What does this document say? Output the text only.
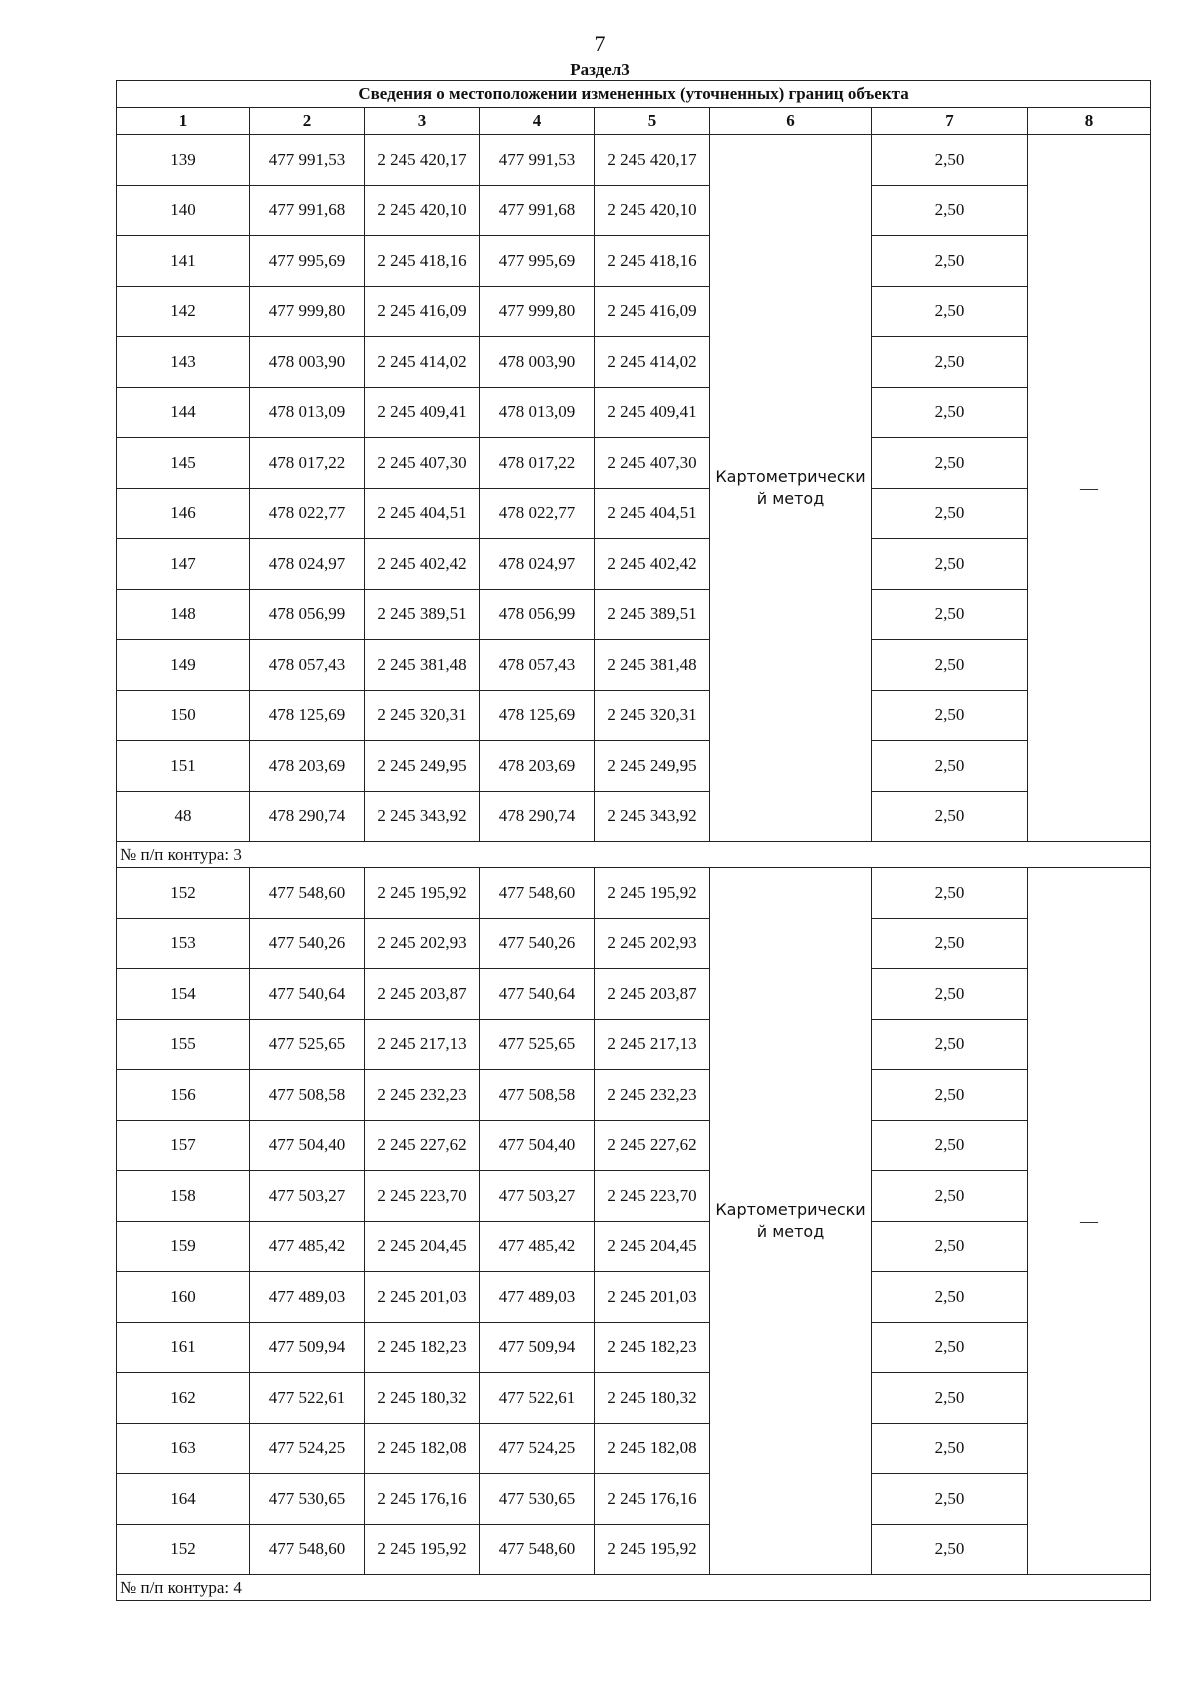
7
Раздел3
Сведения о местоположении измененных (уточненных) границ объекта							
1	2	3	4	5	6	7	8
139	477 991,53	2 245 420,17	477 991,53	2 245 420,17	Картометрически й метод	2,50	—
140	477 991,68	2 245 420,10	477 991,68	2 245 420,10		2,50	
141	477 995,69	2 245 418,16	477 995,69	2 245 418,16		2,50	
142	477 999,80	2 245 416,09	477 999,80	2 245 416,09		2,50	
143	478 003,90	2 245 414,02	478 003,90	2 245 414,02		2,50	
144	478 013,09	2 245 409,41	478 013,09	2 245 409,41		2,50	
145	478 017,22	2 245 407,30	478 017,22	2 245 407,30		2,50	
146	478 022,77	2 245 404,51	478 022,77	2 245 404,51		2,50	
147	478 024,97	2 245 402,42	478 024,97	2 245 402,42		2,50	
148	478 056,99	2 245 389,51	478 056,99	2 245 389,51		2,50	
149	478 057,43	2 245 381,48	478 057,43	2 245 381,48		2,50	
150	478 125,69	2 245 320,31	478 125,69	2 245 320,31		2,50	
151	478 203,69	2 245 249,95	478 203,69	2 245 249,95		2,50	
48	478 290,74	2 245 343,92	478 290,74	2 245 343,92		2,50	
№ п/п контура: 3							
152	477 548,60	2 245 195,92	477 548,60	2 245 195,92	Картометрически й метод	2,50	—
153	477 540,26	2 245 202,93	477 540,26	2 245 202,93		2,50	
154	477 540,64	2 245 203,87	477 540,64	2 245 203,87		2,50	
155	477 525,65	2 245 217,13	477 525,65	2 245 217,13		2,50	
156	477 508,58	2 245 232,23	477 508,58	2 245 232,23		2,50	
157	477 504,40	2 245 227,62	477 504,40	2 245 227,62		2,50	
158	477 503,27	2 245 223,70	477 503,27	2 245 223,70		2,50	
159	477 485,42	2 245 204,45	477 485,42	2 245 204,45		2,50	
160	477 489,03	2 245 201,03	477 489,03	2 245 201,03		2,50	
161	477 509,94	2 245 182,23	477 509,94	2 245 182,23		2,50	
162	477 522,61	2 245 180,32	477 522,61	2 245 180,32		2,50	
163	477 524,25	2 245 182,08	477 524,25	2 245 182,08		2,50	
164	477 530,65	2 245 176,16	477 530,65	2 245 176,16		2,50	
152	477 548,60	2 245 195,92	477 548,60	2 245 195,92		2,50	
№ п/п контура: 4							
